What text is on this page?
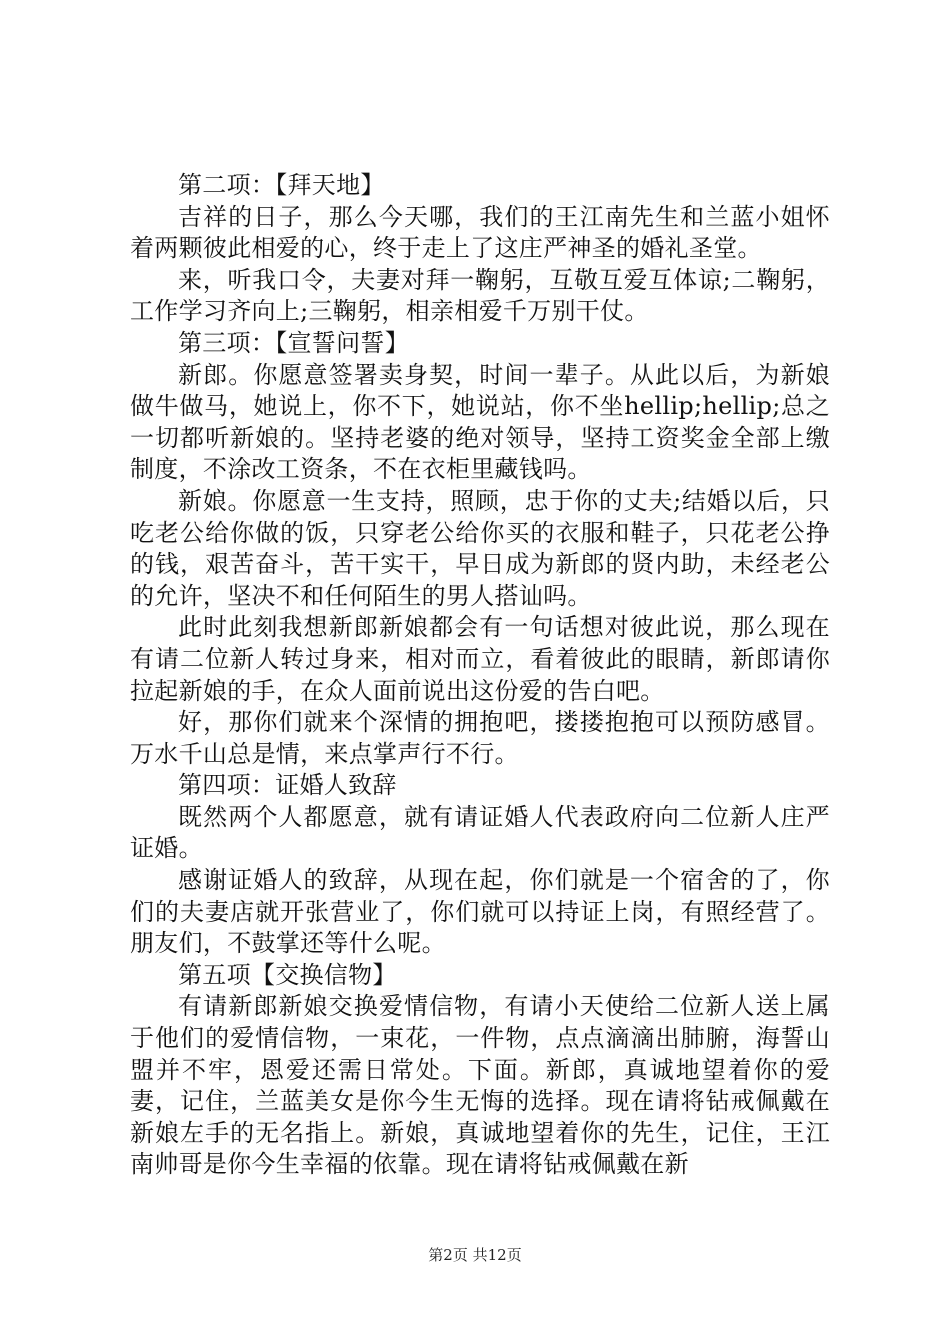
第二项：【拜天地】

吉祥的日子，那么今天哪，我们的王江南先生和兰蓝小姐怀着两颗彼此相爱的心，终于走上了这庄严神圣的婚礼圣堂。

来，听我口令，夫妻对拜一鞠躬，互敬互爱互体谅;二鞠躬，工作学习齐向上;三鞠躬，相亲相爱千万别干仗。

第三项：【宣誓问誓】

新郎。你愿意签署卖身契，时间一辈子。从此以后，为新娘做牛做马，她说上，你不下，她说站，你不坐hellip;hellip;总之一切都听新娘的。坚持老婆的绝对领导，坚持工资奖金全部上缴制度，不涂改工资条，不在衣柜里藏钱吗。

新娘。你愿意一生支持，照顾，忠于你的丈夫;结婚以后，只吃老公给你做的饭，只穿老公给你买的衣服和鞋子，只花老公挣的钱，艰苦奋斗，苦干实干，早日成为新郎的贤内助，未经老公的允许，坚决不和任何陌生的男人搭讪吗。

此时此刻我想新郎新娘都会有一句话想对彼此说，那么现在有请二位新人转过身来，相对而立，看着彼此的眼睛，新郎请你拉起新娘的手，在众人面前说出这份爱的告白吧。

好，那你们就来个深情的拥抱吧，搂搂抱抱可以预防感冒。万水千山总是情，来点掌声行不行。

第四项：证婚人致辞

既然两个人都愿意，就有请证婚人代表政府向二位新人庄严证婚。

感谢证婚人的致辞，从现在起，你们就是一个宿舍的了，你们的夫妻店就开张营业了，你们就可以持证上岗，有照经营了。朋友们，不鼓掌还等什么呢。

第五项【交换信物】

有请新郎新娘交换爱情信物，有请小天使给二位新人送上属于他们的爱情信物，一束花，一件物，点点滴滴出肺腑，海誓山盟并不牢，恩爱还需日常处。下面。新郎，真诚地望着你的爱妻，记住，兰蓝美女是你今生无悔的选择。现在请将钻戒佩戴在新娘左手的无名指上。新娘，真诚地望着你的先生，记住，王江南帅哥是你今生幸福的依靠。现在请将钻戒佩戴在新

第2页 共12页
